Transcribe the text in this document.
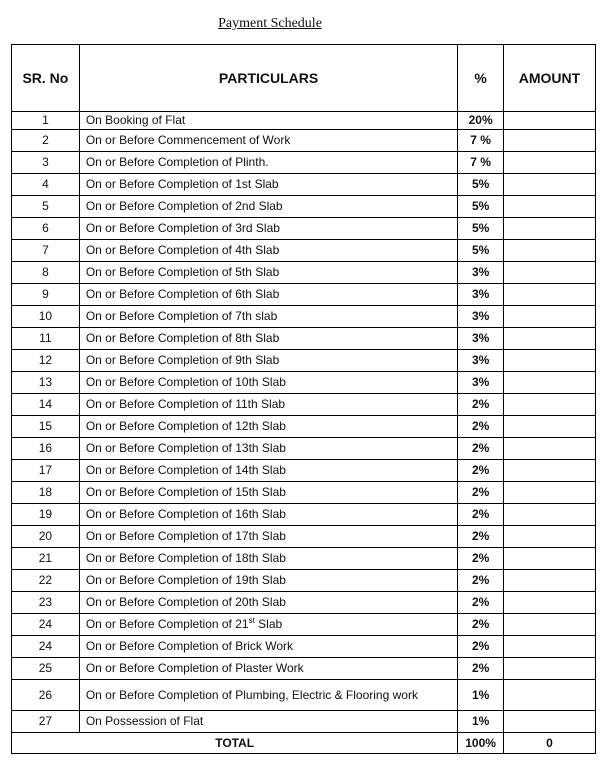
Payment Schedule
SR. No	PARTICULARS	%	AMOUNT
1	On Booking of Flat	20%	
2	On or Before Commencement of Work	7 %	
3	On or Before Completion of Plinth.	7 %	
4	On or Before Completion of 1st Slab	5%	
5	On or Before Completion of 2nd Slab	5%	
6	On or Before Completion of 3rd Slab	5%	
7	On or Before Completion of 4th Slab	5%	
8	On or Before Completion of 5th Slab	3%	
9	On or Before Completion of 6th Slab	3%	
10	On or Before Completion of 7th slab	3%	
11	On or Before Completion of 8th Slab	3%	
12	On or Before Completion of 9th Slab	3%	
13	On or Before Completion of 10th Slab	3%	
14	On or Before Completion of 11th Slab	2%	
15	On or Before Completion of 12th Slab	2%	
16	On or Before Completion of 13th Slab	2%	
17	On or Before Completion of 14th Slab	2%	
18	On or Before Completion of 15th Slab	2%	
19	On or Before Completion of 16th Slab	2%	
20	On or Before Completion of 17th Slab	2%	
21	On or Before Completion of 18th Slab	2%	
22	On or Before Completion of 19th Slab	2%	
23	On or Before Completion of 20th Slab	2%	
24	On or Before Completion of 21st Slab	2%	
24	On or Before Completion of Brick Work	2%	
25	On or Before Completion of Plaster Work	2%	
26	On or Before Completion of Plumbing, Electric & Flooring work	1%	
27	On Possession of Flat	1%	
TOTAL		100%	0
